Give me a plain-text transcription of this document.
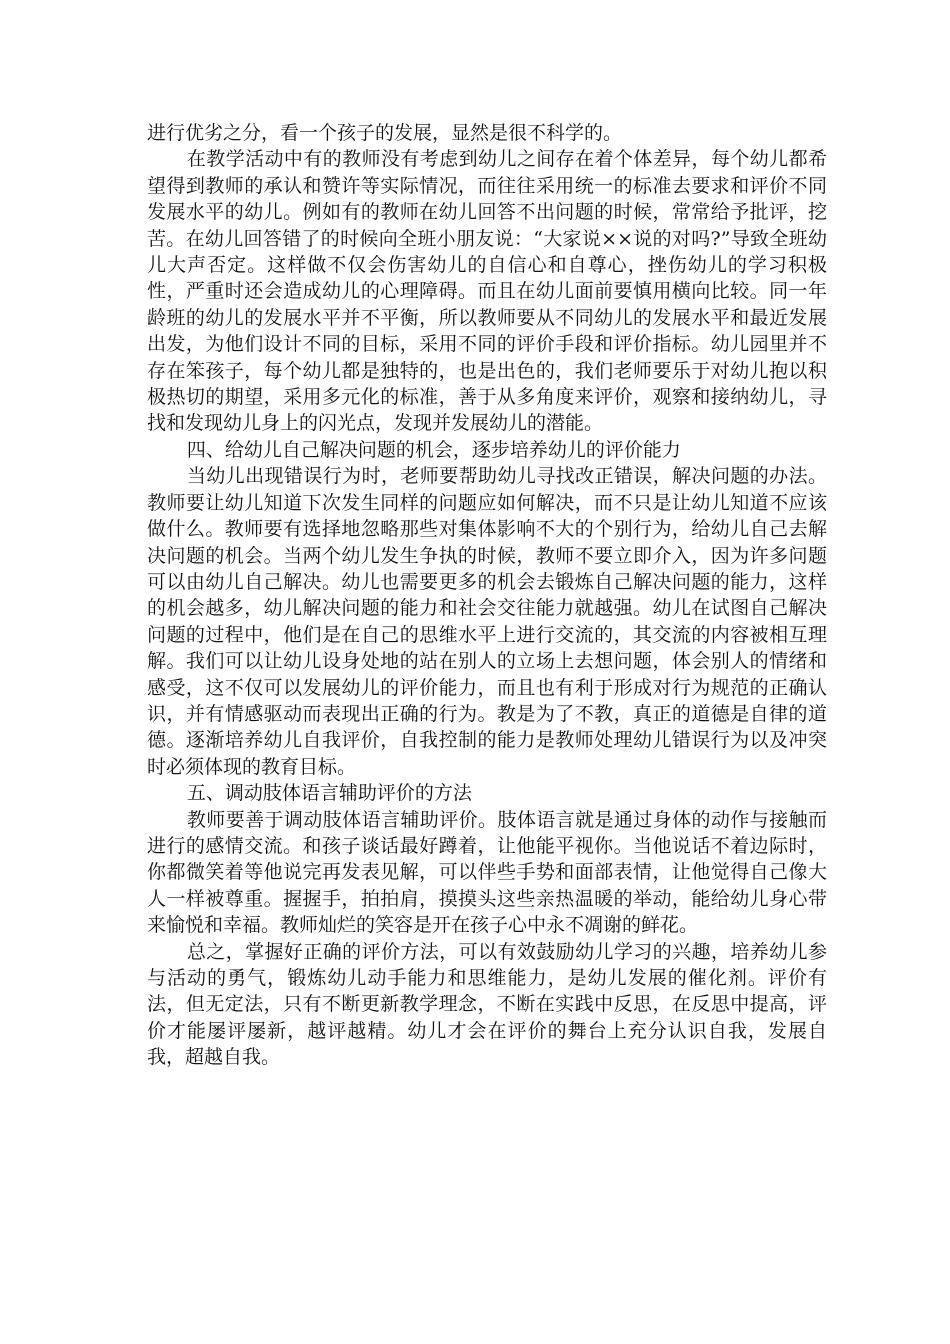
进行优劣之分，看一个孩子的发展，显然是很不科学的。

在教学活动中有的教师没有考虑到幼儿之间存在着个体差异，每个幼儿都希望得到教师的承认和赞许等实际情况，而往往采用统一的标准去要求和评价不同发展水平的幼儿。例如有的教师在幼儿回答不出问题的时候，常常给予批评，挖苦。在幼儿回答错了的时候向全班小朋友说：“大家说××说的对吗?”导致全班幼儿大声否定。这样做不仅会伤害幼儿的自信心和自尊心，挫伤幼儿的学习积极性，严重时还会造成幼儿的心理障碍。而且在幼儿面前要慎用横向比较。同一年龄班的幼儿的发展水平并不平衡，所以教师要从不同幼儿的发展水平和最近发展出发，为他们设计不同的目标，采用不同的评价手段和评价指标。幼儿园里并不存在笨孩子，每个幼儿都是独特的，也是出色的，我们老师要乐于对幼儿抱以积极热切的期望，采用多元化的标准，善于从多角度来评价，观察和接纳幼儿，寻找和发现幼儿身上的闪光点，发现并发展幼儿的潜能。

四、给幼儿自己解决问题的机会，逐步培养幼儿的评价能力

当幼儿出现错误行为时，老师要帮助幼儿寻找改正错误，解决问题的办法。教师要让幼儿知道下次发生同样的问题应如何解决，而不只是让幼儿知道不应该做什么。教师要有选择地忽略那些对集体影响不大的个别行为，给幼儿自己去解决问题的机会。当两个幼儿发生争执的时候，教师不要立即介入，因为许多问题可以由幼儿自己解决。幼儿也需要更多的机会去锻炼自己解决问题的能力，这样的机会越多，幼儿解决问题的能力和社会交往能力就越强。幼儿在试图自己解决问题的过程中，他们是在自己的思维水平上进行交流的，其交流的内容被相互理解。我们可以让幼儿设身处地的站在别人的立场上去想问题，体会别人的情绪和感受，这不仅可以发展幼儿的评价能力，而且也有利于形成对行为规范的正确认识，并有情感驱动而表现出正确的行为。教是为了不教，真正的道德是自律的道德。逐渐培养幼儿自我评价，自我控制的能力是教师处理幼儿错误行为以及冲突时必须体现的教育目标。

五、调动肢体语言辅助评价的方法

教师要善于调动肢体语言辅助评价。肢体语言就是通过身体的动作与接触而进行的感情交流。和孩子谈话最好蹲着，让他能平视你。当他说话不着边际时，你都微笑着等他说完再发表见解，可以伴些手势和面部表情，让他觉得自己像大人一样被尊重。握握手，拍拍肩，摸摸头这些亲热温暖的举动，能给幼儿身心带来愉悦和幸福。教师灿烂的笑容是开在孩子心中永不凋谢的鲜花。

总之，掌握好正确的评价方法，可以有效鼓励幼儿学习的兴趣，培养幼儿参与活动的勇气，锻炼幼儿动手能力和思维能力，是幼儿发展的催化剂。评价有法，但无定法，只有不断更新教学理念，不断在实践中反思，在反思中提高，评价才能屡评屡新，越评越精。幼儿才会在评价的舞台上充分认识自我，发展自我，超越自我。
